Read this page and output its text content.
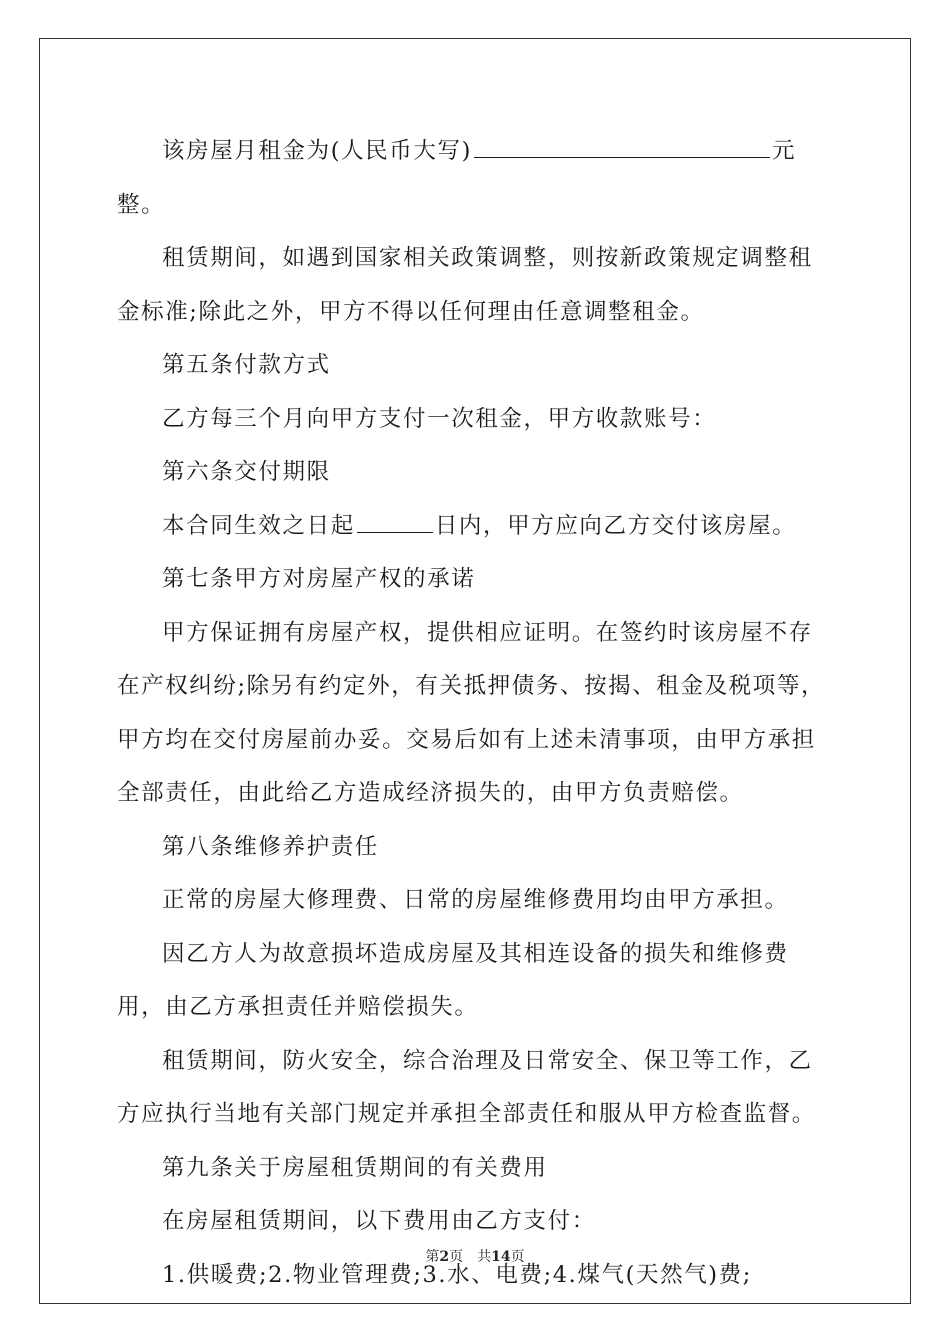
该房屋月租金为(人民币大写)	元整。

租赁期间，如遇到国家相关政策调整，则按新政策规定调整租金标准;除此之外，甲方不得以任何理由任意调整租金。

第五条付款方式

乙方每三个月向甲方支付一次租金，甲方收款账号：

第六条交付期限

本合同生效之日起	日内，甲方应向乙方交付该房屋。

第七条甲方对房屋产权的承诺

甲方保证拥有房屋产权，提供相应证明。在签约时该房屋不存在产权纠纷;除另有约定外，有关抵押债务、按揭、租金及税项等，甲方均在交付房屋前办妥。交易后如有上述未清事项，由甲方承担全部责任，由此给乙方造成经济损失的，由甲方负责赔偿。

第八条维修养护责任

正常的房屋大修理费、日常的房屋维修费用均由甲方承担。

因乙方人为故意损坏造成房屋及其相连设备的损失和维修费用，由乙方承担责任并赔偿损失。

租赁期间，防火安全，综合治理及日常安全、保卫等工作，乙方应执行当地有关部门规定并承担全部责任和服从甲方检查监督。

第九条关于房屋租赁期间的有关费用

在房屋租赁期间，以下费用由乙方支付：

1.供暖费;2.物业管理费;3.水、电费;4.煤气(天然气)费;

第2页 共14页
